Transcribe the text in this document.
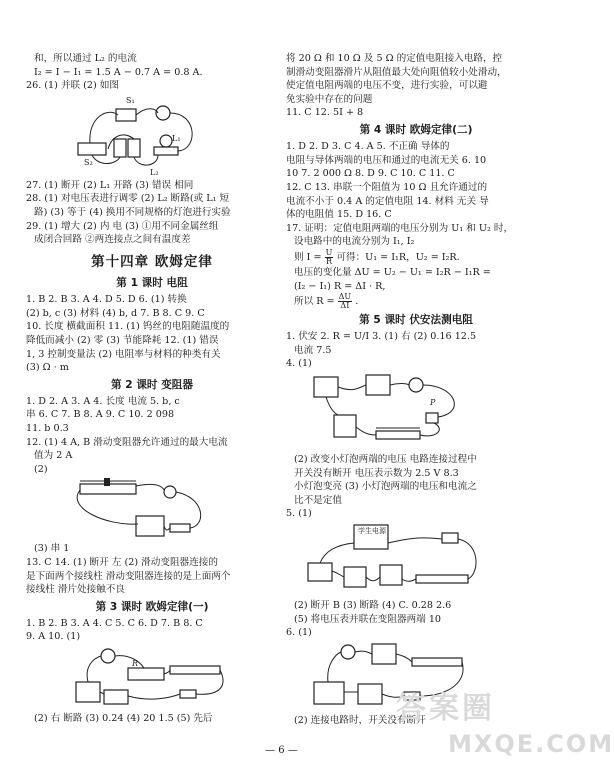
和，所以通过 L₂ 的电流
I₂ = I − I₁ = 1.5 A − 0.7 A = 0.8 A.
26. (1) 并联 (2) 如图
S₁
S₂
L₁
L₂
27. (1) 断开 (2) L₁ 开路 (3) 错误 相同
28. (1) 对电压表进行调零 (2) L₂ 断路(或 L₁ 短
路) (3) 等于 (4) 换用不同规格的灯泡进行实验
29. (1) 增大 (2) 内 电 (3) ①用不同金属丝组
成闭合回路 ②两连接点之间有温度差
第十四章 欧姆定律
第 1 课时 电阻
1. B 2. B 3. A 4. D 5. D 6. (1) 转换
(2) b, c (3) 材料 (4) b, d 7. B 8. C 9. C
10. 长度 横截面积 11. (1) 钨丝的电阻随温度的
降低而减小 (2) 零 (3) 节能降耗 12. (1) 错误
1, 3 控制变量法 (2) 电阻率与材料的种类有关
(3) Ω · m
第 2 课时 变阻器
1. D 2. A 3. A 4. 长度 电流 5. b, c
串 6. C 7. B 8. A 9. C 10. 2 098
11. b 0.3
12. (1) 4 A, B 滑动变阻器允许通过的最大电流
值为 2 A
(2)
(3) 串 1
13. C 14. (1) 断开 左 (2) 滑动变阻器连接的
是下面两个接线柱 滑动变阻器连接的是上面两个
接线柱 滑片处接触不良
第 3 课时 欧姆定律(一)
1. B 2. B 3. A 4. C 5. C 6. D 7. B 8. C
9. A 10. (1)
R
(2) 右 断路 (3) 0.24 (4) 20 1.5 (5) 先后
将 20 Ω 和 10 Ω 及 5 Ω 的定值电阻接入电路，控
制滑动变阻器滑片从阻值最大处向阻值较小处滑动，
使定值电阻两端的电压不变，进行实验，可以避
免实验中存在的问题
11. C 12. 5I + 8
第 4 课时 欧姆定律(二)
1. D 2. D 3. C 4. A 5. 不正确 导体的
电阻与导体两端的电压和通过的电流无关 6. 10
10 7. 2 000 Ω 8. D 9. C 10. C 11. C
12. C 13. 串联一个阻值为 10 Ω 且允许通过的
电流不小于 0.4 A 的定值电阻 14. 材料 无关 导
体的电阻值 15. D 16. C
17. 证明：定值电阻两端的电压分别为 U₁ 和 U₂ 时，
设电路中的电流分别为 I₁, I₂
则 $I = \frac{U}{R}$ 可得：U₁ = I₁R，U₂ = I₂R.
电压的变化量 ΔU = U₂ − U₁ = I₂R − I₁R =
(I₂ − I₁) R = ΔI · R,
所以 $R = \frac{\Delta U}{\Delta I}$ .
第 5 课时 伏安法测电阻
1. 伏安 2. R = U/I 3. (1) 右 (2) 0.16 12.5
电流 7.5
4. (1)
P
(2) 改变小灯泡两端的电压 电路连接过程中
开关没有断开 电压表示数为 2.5 V 8.3
小灯泡变亮 (3) 小灯泡两端的电压和电流之
比不是定值
5. (1)
学生电源
(2) 断开 B (3) 断路 (4) C. 0.28 2.6
(5) 将电压表并联在变阻器两端 10
6. (1)
(2) 连接电路时，开关没有断开
答案圈
MXQE.COM
— 6 —
